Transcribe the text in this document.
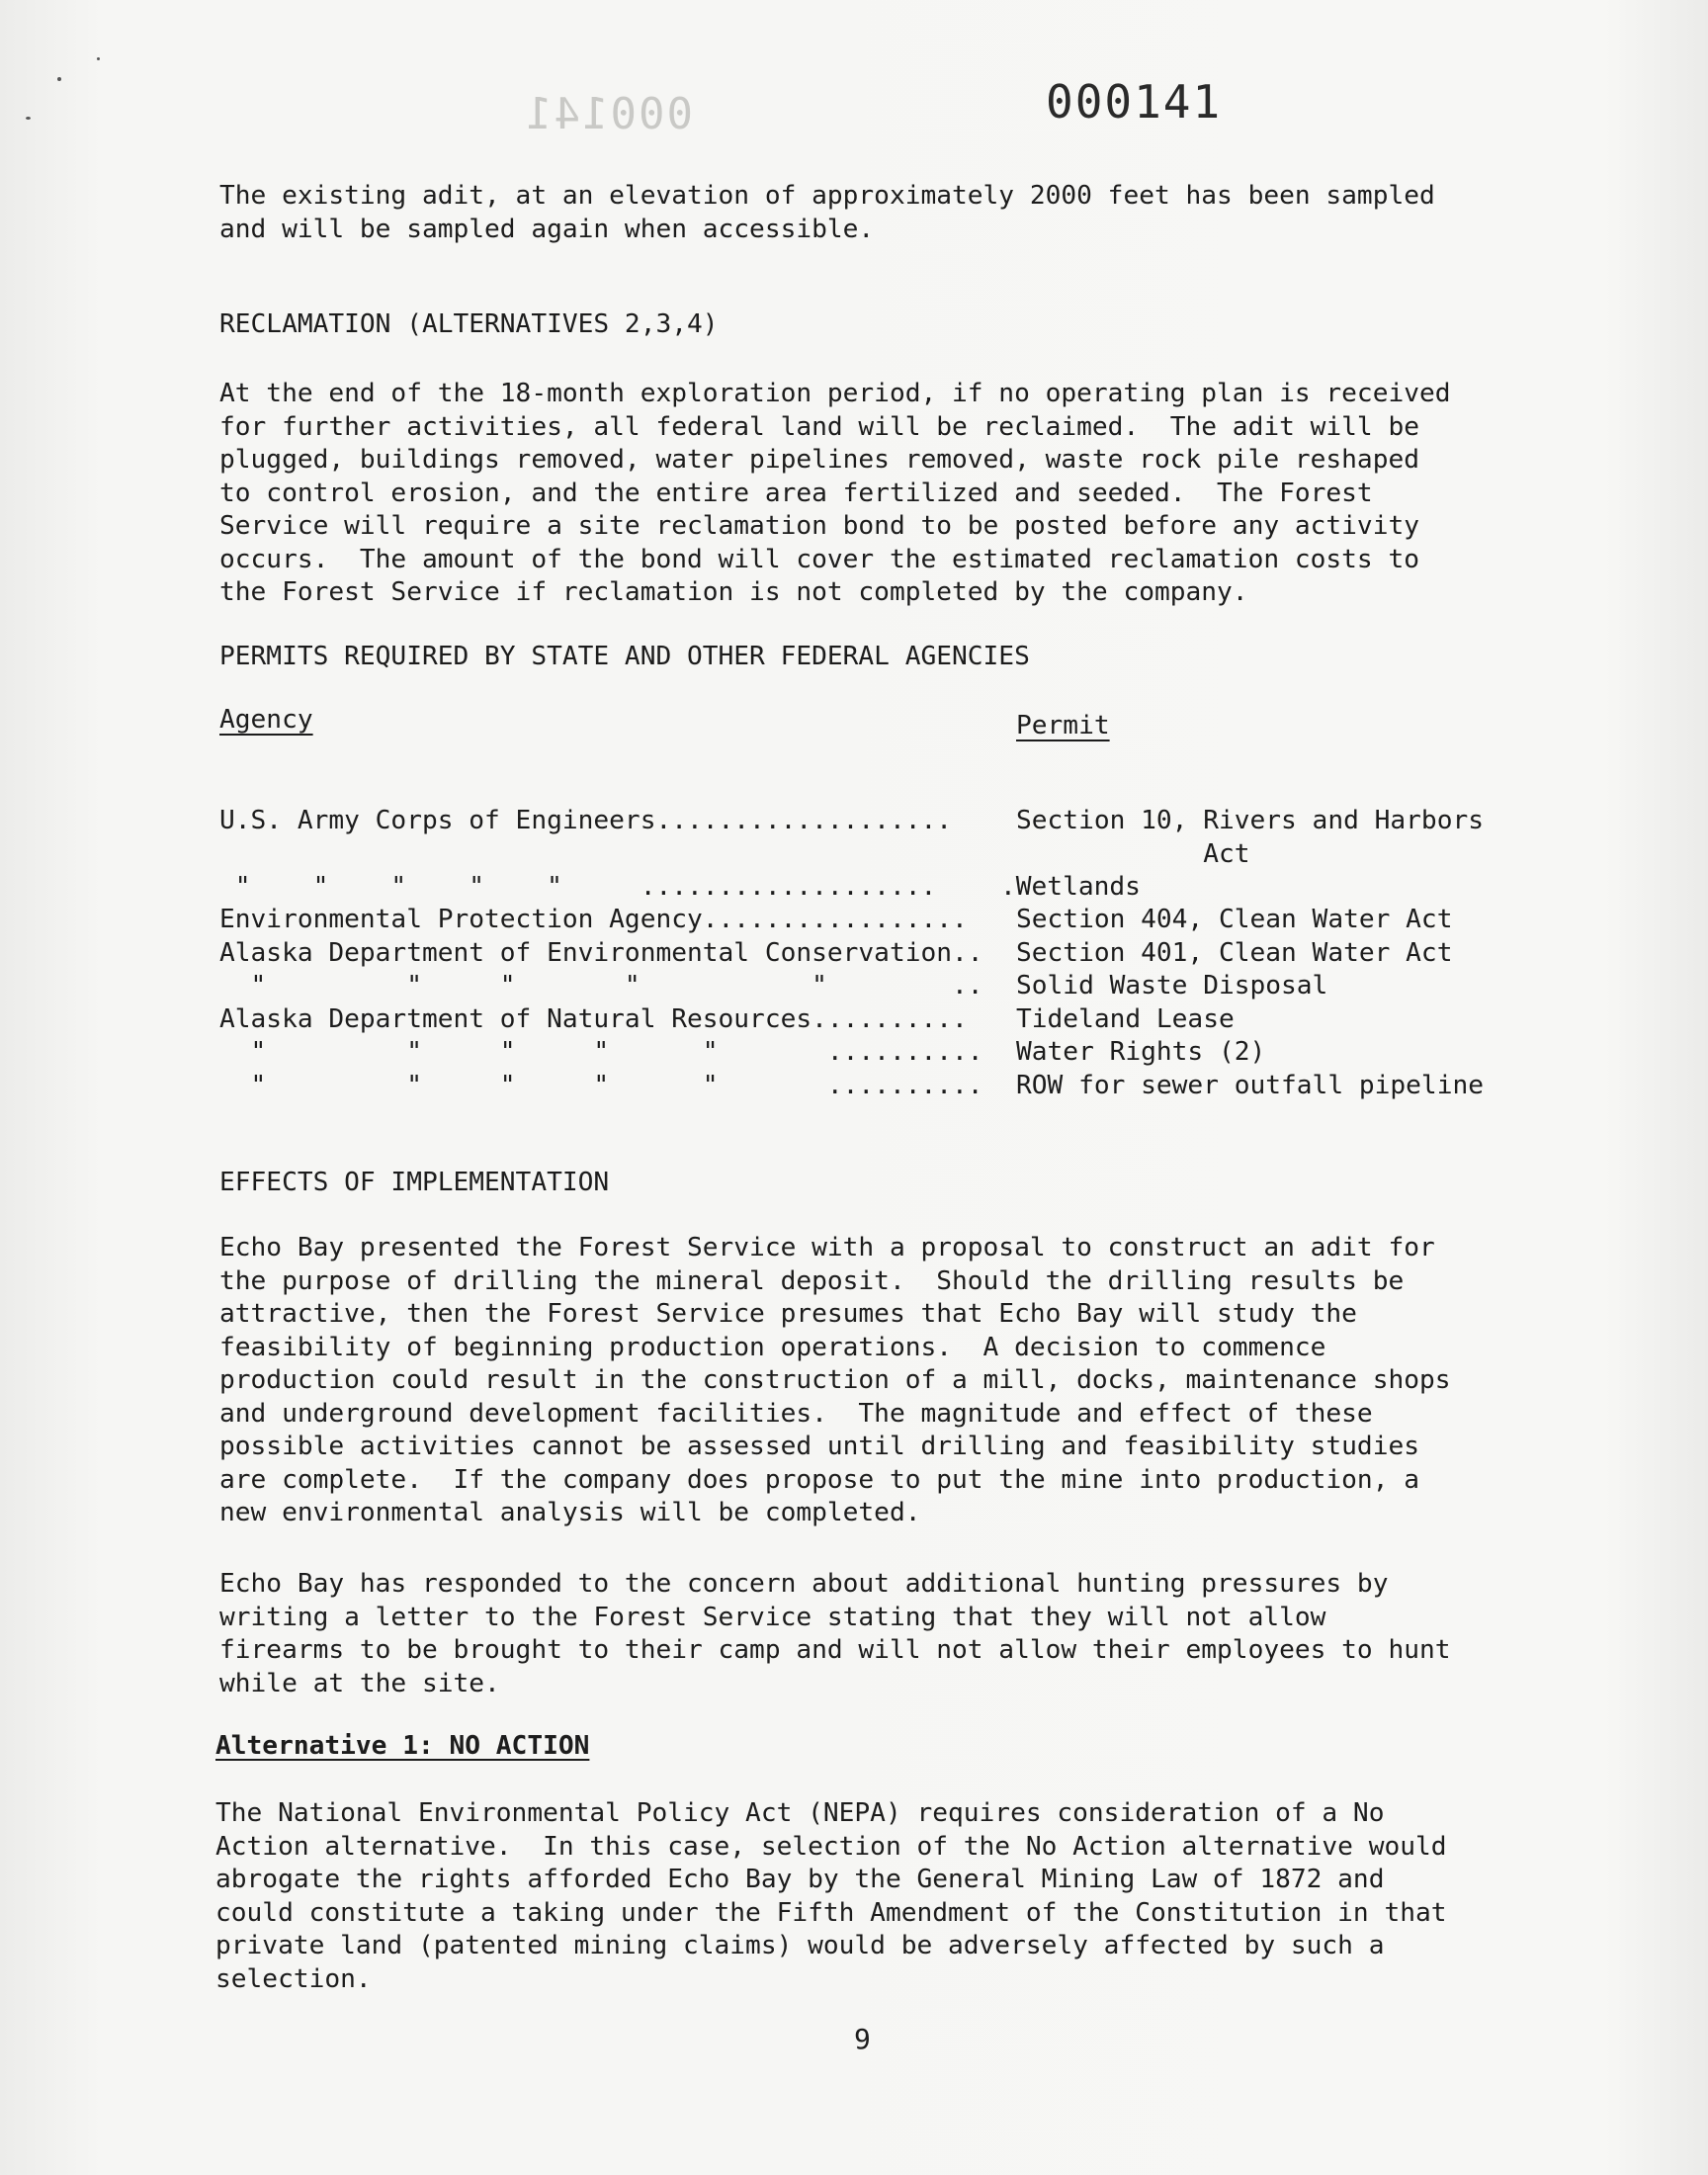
000141	000141
The existing adit, at an elevation of approximately 2000 feet has been sampled
and will be sampled again when accessible.
RECLAMATION (ALTERNATIVES 2,3,4)
At the end of the 18-month exploration period, if no operating plan is received
for further activities, all federal land will be reclaimed.  The adit will be
plugged, buildings removed, water pipelines removed, waste rock pile reshaped
to control erosion, and the entire area fertilized and seeded.  The Forest
Service will require a site reclamation bond to be posted before any activity
occurs.  The amount of the bond will cover the estimated reclamation costs to
the Forest Service if reclamation is not completed by the company.
PERMITS REQUIRED BY STATE AND OTHER FEDERAL AGENCIES
Agency	Permit

U.S. Army Corps of Engineers...................

Section 10, Rivers and Harbors

Act

"    "    "    "    "     ...................

.Wetlands

Environmental Protection Agency.................

Section 404, Clean Water Act

Alaska Department of Environmental Conservation..

Section 401, Clean Water Act

"         "     "       "           "        ..

Solid Waste Disposal

Alaska Department of Natural Resources..........

Tideland Lease

"         "     "     "      "       ..........

Water Rights (2)

"         "     "     "      "       ..........

ROW for sewer outfall pipeline

EFFECTS OF IMPLEMENTATION
Echo Bay presented the Forest Service with a proposal to construct an adit for
the purpose of drilling the mineral deposit.  Should the drilling results be
attractive, then the Forest Service presumes that Echo Bay will study the
feasibility of beginning production operations.  A decision to commence
production could result in the construction of a mill, docks, maintenance shops
and underground development facilities.  The magnitude and effect of these
possible activities cannot be assessed until drilling and feasibility studies
are complete.  If the company does propose to put the mine into production, a
new environmental analysis will be completed.
Echo Bay has responded to the concern about additional hunting pressures by
writing a letter to the Forest Service stating that they will not allow
firearms to be brought to their camp and will not allow their employees to hunt
while at the site.
Alternative 1: NO ACTION
The National Environmental Policy Act (NEPA) requires consideration of a No
Action alternative.  In this case, selection of the No Action alternative would
abrogate the rights afforded Echo Bay by the General Mining Law of 1872 and
could constitute a taking under the Fifth Amendment of the Constitution in that
private land (patented mining claims) would be adversely affected by such a
selection.
9
